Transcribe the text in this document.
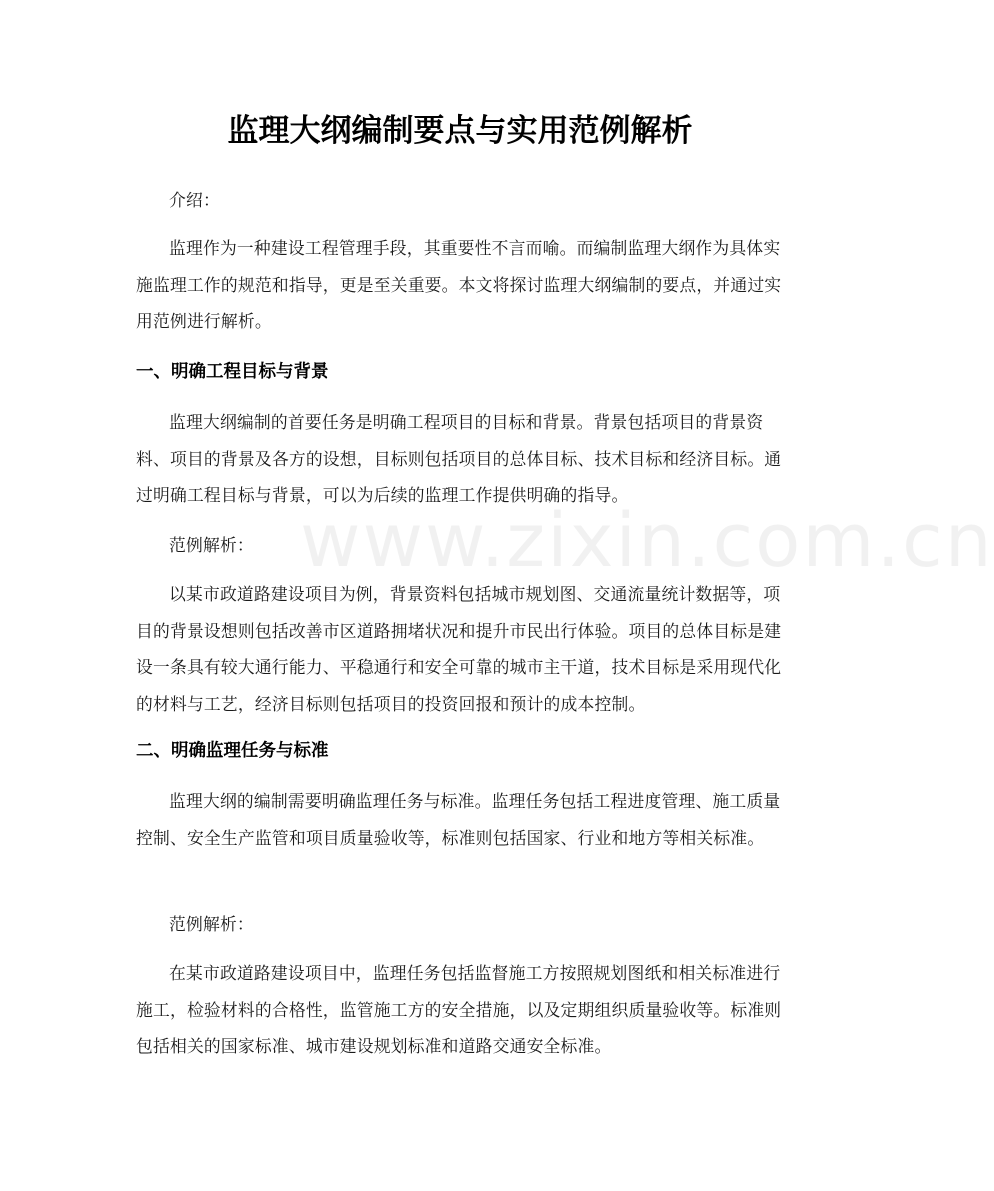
www.zixin.com.cn
监理大纲编制要点与实用范例解析

介绍：

监理作为一种建设工程管理手段，其重要性不言而喻。而编制监理大纲作为具体实施监理工作的规范和指导，更是至关重要。本文将探讨监理大纲编制的要点，并通过实用范例进行解析。

一、明确工程目标与背景

监理大纲编制的首要任务是明确工程项目的目标和背景。背景包括项目的背景资料、项目的背景及各方的设想，目标则包括项目的总体目标、技术目标和经济目标。通过明确工程目标与背景，可以为后续的监理工作提供明确的指导。

范例解析：

以某市政道路建设项目为例，背景资料包括城市规划图、交通流量统计数据等，项目的背景设想则包括改善市区道路拥堵状况和提升市民出行体验。项目的总体目标是建设一条具有较大通行能力、平稳通行和安全可靠的城市主干道，技术目标是采用现代化的材料与工艺，经济目标则包括项目的投资回报和预计的成本控制。

二、明确监理任务与标准

监理大纲的编制需要明确监理任务与标准。监理任务包括工程进度管理、施工质量控制、安全生产监管和项目质量验收等，标准则包括国家、行业和地方等相关标准。

范例解析：

在某市政道路建设项目中，监理任务包括监督施工方按照规划图纸和相关标准进行施工，检验材料的合格性，监管施工方的安全措施，以及定期组织质量验收等。标准则包括相关的国家标准、城市建设规划标准和道路交通安全标准。
